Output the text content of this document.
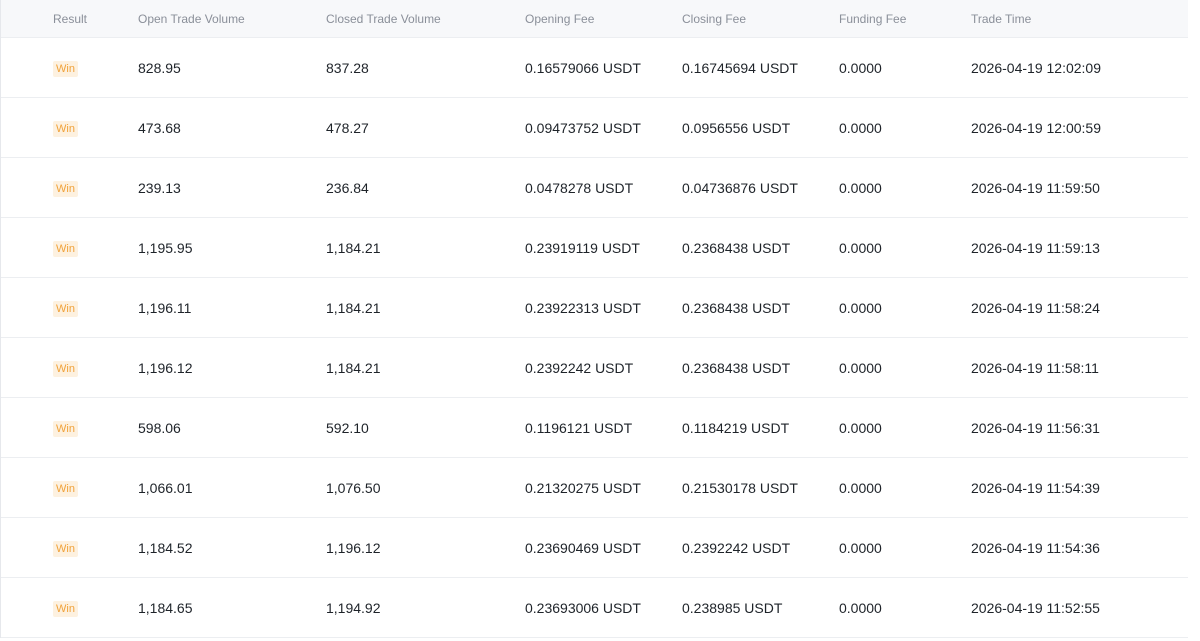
Result	Open Trade Volume	Closed Trade Volume	Opening Fee	Closing Fee	Funding Fee	Trade Time
Win	828.95	837.28	0.16579066 USDT	0.16745694 USDT	0.0000	2026-04-19 12:02:09
Win	473.68	478.27	0.09473752 USDT	0.0956556 USDT	0.0000	2026-04-19 12:00:59
Win	239.13	236.84	0.0478278 USDT	0.04736876 USDT	0.0000	2026-04-19 11:59:50
Win	1,195.95	1,184.21	0.23919119 USDT	0.2368438 USDT	0.0000	2026-04-19 11:59:13
Win	1,196.11	1,184.21	0.23922313 USDT	0.2368438 USDT	0.0000	2026-04-19 11:58:24
Win	1,196.12	1,184.21	0.2392242 USDT	0.2368438 USDT	0.0000	2026-04-19 11:58:11
Win	598.06	592.10	0.1196121 USDT	0.1184219 USDT	0.0000	2026-04-19 11:56:31
Win	1,066.01	1,076.50	0.21320275 USDT	0.21530178 USDT	0.0000	2026-04-19 11:54:39
Win	1,184.52	1,196.12	0.23690469 USDT	0.2392242 USDT	0.0000	2026-04-19 11:54:36
Win	1,184.65	1,194.92	0.23693006 USDT	0.238985 USDT	0.0000	2026-04-19 11:52:55
